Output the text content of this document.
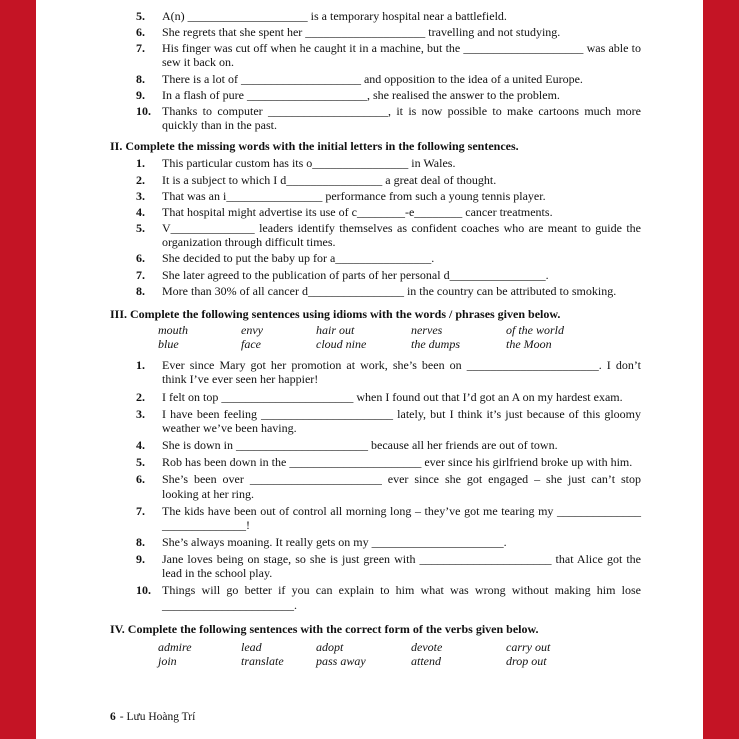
5.	A(n) ____________________ is a temporary hospital near a battlefield.
6.	She regrets that she spent her ____________________ travelling and not studying.
7.	His finger was cut off when he caught it in a machine, but the ____________________ was able to sew it back on.
8.	There is a lot of ____________________ and opposition to the idea of a united Europe.
9.	In a flash of pure ____________________, she realised the answer to the problem.
10. Thanks to computer ____________________, it is now possible to make cartoons much more quickly than in the past.
II. Complete the missing words with the initial letters in the following sentences.
1.	This particular custom has its o________________ in Wales.
2.	It is a subject to which I d________________ a great deal of thought.
3.	That was an i________________ performance from such a young tennis player.
4.	That hospital might advertise its use of c________-e________ cancer treatments.
5.	V______________ leaders identify themselves as confident coaches who are meant to guide the organization through difficult times.
6.	She decided to put the baby up for a________________.
7.	She later agreed to the publication of parts of her personal d________________.
8.	More than 30% of all cancer d________________ in the country can be attributed to smoking.
III. Complete the following sentences using idioms with the words / phrases given below.
mouth	envy	hair out	nerves	of the world
blue	face	cloud nine	the dumps	the Moon
1.	Ever since Mary got her promotion at work, she’s been on ______________________. I don’t think I’ve ever seen her happier!
2.	I felt on top ______________________ when I found out that I’d got an A on my hardest exam.
3.	I have been feeling ______________________ lately, but I think it’s just because of this gloomy weather we’ve been having.
4.	She is down in ______________________ because all her friends are out of town.
5.	Rob has been down in the ______________________ ever since his girlfriend broke up with him.
6.	She’s been over ______________________ ever since she got engaged – she just can’t stop looking at her ring.
7.	The kids have been out of control all morning long – they’ve got me tearing my ______________ ______________!
8.	She’s always moaning. It really gets on my ______________________.
9.	Jane loves being on stage, so she is just green with ______________________ that Alice got the lead in the school play.
10. Things will go better if you can explain to him what was wrong without making him lose ______________________.
IV. Complete the following sentences with the correct form of the verbs given below.
admire	lead	adopt	devote	carry out
join	translate	pass away	attend	drop out
6 - Lưu Hoàng Trí
